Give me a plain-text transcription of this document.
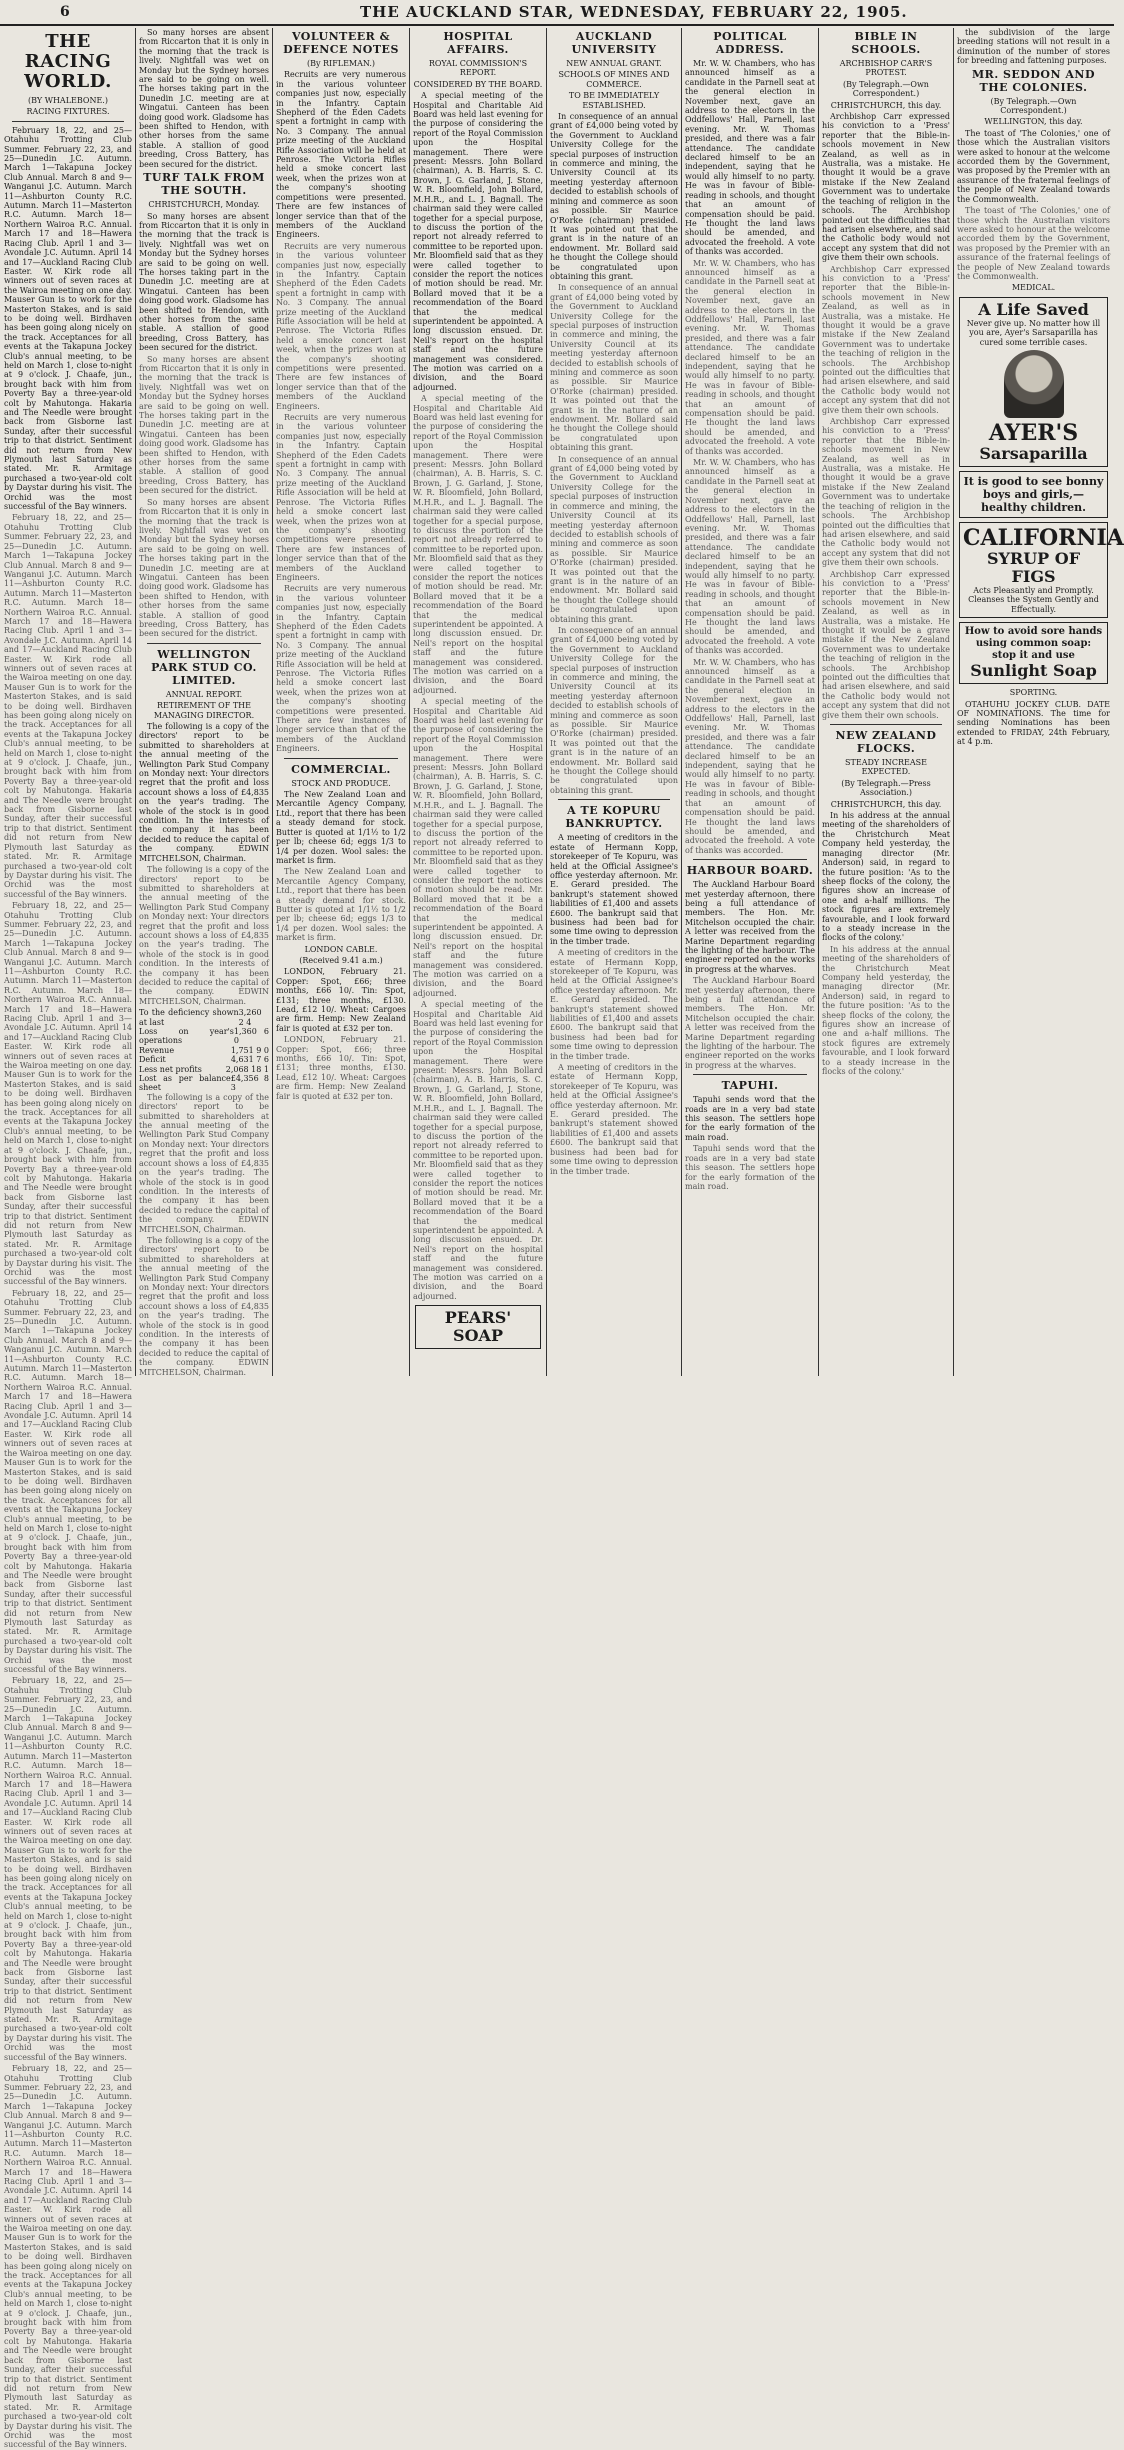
6	THE AUCKLAND STAR, WEDNESDAY, FEBRUARY 22, 1905.
THE RACING WORLD.
(BY WHALEBONE.)
RACING FIXTURES.

February 18, 22, and 25—Otahuhu Trotting Club Summer. February 22, 23, and 25—Dunedin J.C. Autumn. March 1—Takapuna Jockey Club Annual. March 8 and 9—Wanganui J.C. Autumn. March 11—Ashburton County R.C. Autumn. March 11—Masterton R.C. Autumn. March 18—Northern Wairoa R.C. Annual. March 17 and 18—Hawera Racing Club. April 1 and 3—Avondale J.C. Autumn. April 14 and 17—Auckland Racing Club Easter. W. Kirk rode all winners out of seven races at the Wairoa meeting on one day. Mauser Gun is to work for the Masterton Stakes, and is said to be doing well. Birdhaven has been going along nicely on the track. Acceptances for all events at the Takapuna Jockey Club's annual meeting, to be held on March 1, close to-night at 9 o'clock. J. Chaafe, jun., brought back with him from Poverty Bay a three-year-old colt by Mahutonga. Hakaria and The Needle were brought back from Gisborne last Sunday, after their successful trip to that district. Sentiment did not return from New Plymouth last Saturday as stated. Mr. R. Armitage purchased a two-year-old colt by Daystar during his visit. The Orchid was the most successful of the Bay winners.

February 18, 22, and 25—Otahuhu Trotting Club Summer. February 22, 23, and 25—Dunedin J.C. Autumn. March 1—Takapuna Jockey Club Annual. March 8 and 9—Wanganui J.C. Autumn. March 11—Ashburton County R.C. Autumn. March 11—Masterton R.C. Autumn. March 18—Northern Wairoa R.C. Annual. March 17 and 18—Hawera Racing Club. April 1 and 3—Avondale J.C. Autumn. April 14 and 17—Auckland Racing Club Easter. W. Kirk rode all winners out of seven races at the Wairoa meeting on one day. Mauser Gun is to work for the Masterton Stakes, and is said to be doing well. Birdhaven has been going along nicely on the track. Acceptances for all events at the Takapuna Jockey Club's annual meeting, to be held on March 1, close to-night at 9 o'clock. J. Chaafe, jun., brought back with him from Poverty Bay a three-year-old colt by Mahutonga. Hakaria and The Needle were brought back from Gisborne last Sunday, after their successful trip to that district. Sentiment did not return from New Plymouth last Saturday as stated. Mr. R. Armitage purchased a two-year-old colt by Daystar during his visit. The Orchid was the most successful of the Bay winners.

February 18, 22, and 25—Otahuhu Trotting Club Summer. February 22, 23, and 25—Dunedin J.C. Autumn. March 1—Takapuna Jockey Club Annual. March 8 and 9—Wanganui J.C. Autumn. March 11—Ashburton County R.C. Autumn. March 11—Masterton R.C. Autumn. March 18—Northern Wairoa R.C. Annual. March 17 and 18—Hawera Racing Club. April 1 and 3—Avondale J.C. Autumn. April 14 and 17—Auckland Racing Club Easter. W. Kirk rode all winners out of seven races at the Wairoa meeting on one day. Mauser Gun is to work for the Masterton Stakes, and is said to be doing well. Birdhaven has been going along nicely on the track. Acceptances for all events at the Takapuna Jockey Club's annual meeting, to be held on March 1, close to-night at 9 o'clock. J. Chaafe, jun., brought back with him from Poverty Bay a three-year-old colt by Mahutonga. Hakaria and The Needle were brought back from Gisborne last Sunday, after their successful trip to that district. Sentiment did not return from New Plymouth last Saturday as stated. Mr. R. Armitage purchased a two-year-old colt by Daystar during his visit. The Orchid was the most successful of the Bay winners.

February 18, 22, and 25—Otahuhu Trotting Club Summer. February 22, 23, and 25—Dunedin J.C. Autumn. March 1—Takapuna Jockey Club Annual. March 8 and 9—Wanganui J.C. Autumn. March 11—Ashburton County R.C. Autumn. March 11—Masterton R.C. Autumn. March 18—Northern Wairoa R.C. Annual. March 17 and 18—Hawera Racing Club. April 1 and 3—Avondale J.C. Autumn. April 14 and 17—Auckland Racing Club Easter. W. Kirk rode all winners out of seven races at the Wairoa meeting on one day. Mauser Gun is to work for the Masterton Stakes, and is said to be doing well. Birdhaven has been going along nicely on the track. Acceptances for all events at the Takapuna Jockey Club's annual meeting, to be held on March 1, close to-night at 9 o'clock. J. Chaafe, jun., brought back with him from Poverty Bay a three-year-old colt by Mahutonga. Hakaria and The Needle were brought back from Gisborne last Sunday, after their successful trip to that district. Sentiment did not return from New Plymouth last Saturday as stated. Mr. R. Armitage purchased a two-year-old colt by Daystar during his visit. The Orchid was the most successful of the Bay winners.

February 18, 22, and 25—Otahuhu Trotting Club Summer. February 22, 23, and 25—Dunedin J.C. Autumn. March 1—Takapuna Jockey Club Annual. March 8 and 9—Wanganui J.C. Autumn. March 11—Ashburton County R.C. Autumn. March 11—Masterton R.C. Autumn. March 18—Northern Wairoa R.C. Annual. March 17 and 18—Hawera Racing Club. April 1 and 3—Avondale J.C. Autumn. April 14 and 17—Auckland Racing Club Easter. W. Kirk rode all winners out of seven races at the Wairoa meeting on one day. Mauser Gun is to work for the Masterton Stakes, and is said to be doing well. Birdhaven has been going along nicely on the track. Acceptances for all events at the Takapuna Jockey Club's annual meeting, to be held on March 1, close to-night at 9 o'clock. J. Chaafe, jun., brought back with him from Poverty Bay a three-year-old colt by Mahutonga. Hakaria and The Needle were brought back from Gisborne last Sunday, after their successful trip to that district. Sentiment did not return from New Plymouth last Saturday as stated. Mr. R. Armitage purchased a two-year-old colt by Daystar during his visit. The Orchid was the most successful of the Bay winners.

February 18, 22, and 25—Otahuhu Trotting Club Summer. February 22, 23, and 25—Dunedin J.C. Autumn. March 1—Takapuna Jockey Club Annual. March 8 and 9—Wanganui J.C. Autumn. March 11—Ashburton County R.C. Autumn. March 11—Masterton R.C. Autumn. March 18—Northern Wairoa R.C. Annual. March 17 and 18—Hawera Racing Club. April 1 and 3—Avondale J.C. Autumn. April 14 and 17—Auckland Racing Club Easter. W. Kirk rode all winners out of seven races at the Wairoa meeting on one day. Mauser Gun is to work for the Masterton Stakes, and is said to be doing well. Birdhaven has been going along nicely on the track. Acceptances for all events at the Takapuna Jockey Club's annual meeting, to be held on March 1, close to-night at 9 o'clock. J. Chaafe, jun., brought back with him from Poverty Bay a three-year-old colt by Mahutonga. Hakaria and The Needle were brought back from Gisborne last Sunday, after their successful trip to that district. Sentiment did not return from New Plymouth last Saturday as stated. Mr. R. Armitage purchased a two-year-old colt by Daystar during his visit. The Orchid was the most successful of the Bay winners.

So many horses are absent from Riccarton that it is only in the morning that the track is lively. Nightfall was wet on Monday but the Sydney horses are said to be going on well. The horses taking part in the Dunedin J.C. meeting are at Wingatui. Canteen has been doing good work. Gladsome has been shifted to Hendon, with other horses from the same stable. A stallion of good breeding, Cross Battery, has been secured for the district.

TURF TALK FROM THE SOUTH.
CHRISTCHURCH, Monday.

So many horses are absent from Riccarton that it is only in the morning that the track is lively. Nightfall was wet on Monday but the Sydney horses are said to be going on well. The horses taking part in the Dunedin J.C. meeting are at Wingatui. Canteen has been doing good work. Gladsome has been shifted to Hendon, with other horses from the same stable. A stallion of good breeding, Cross Battery, has been secured for the district.

So many horses are absent from Riccarton that it is only in the morning that the track is lively. Nightfall was wet on Monday but the Sydney horses are said to be going on well. The horses taking part in the Dunedin J.C. meeting are at Wingatui. Canteen has been doing good work. Gladsome has been shifted to Hendon, with other horses from the same stable. A stallion of good breeding, Cross Battery, has been secured for the district.

So many horses are absent from Riccarton that it is only in the morning that the track is lively. Nightfall was wet on Monday but the Sydney horses are said to be going on well. The horses taking part in the Dunedin J.C. meeting are at Wingatui. Canteen has been doing good work. Gladsome has been shifted to Hendon, with other horses from the same stable. A stallion of good breeding, Cross Battery, has been secured for the district.

WELLINGTON PARK STUD CO. LIMITED.
ANNUAL REPORT.
RETIREMENT OF THE MANAGING DIRECTOR.

The following is a copy of the directors' report to be submitted to shareholders at the annual meeting of the Wellington Park Stud Company on Monday next: Your directors regret that the profit and loss account shows a loss of £4,835 on the year's trading. The whole of the stock is in good condition. In the interests of the company it has been decided to reduce the capital of the company. EDWIN MITCHELSON, Chairman.

The following is a copy of the directors' report to be submitted to shareholders at the annual meeting of the Wellington Park Stud Company on Monday next: Your directors regret that the profit and loss account shows a loss of £4,835 on the year's trading. The whole of the stock is in good condition. In the interests of the company it has been decided to reduce the capital of the company. EDWIN MITCHELSON, Chairman.

To the deficiency shown at last
3,260 2 4
Loss on year's operations
1,360 6 0
Revenue	1,751 9 0
Deficit	4,631 7 6
Less net profits	2,068 18 1
Lost as per balance sheet
£4,356 8 3

The following is a copy of the directors' report to be submitted to shareholders at the annual meeting of the Wellington Park Stud Company on Monday next: Your directors regret that the profit and loss account shows a loss of £4,835 on the year's trading. The whole of the stock is in good condition. In the interests of the company it has been decided to reduce the capital of the company. EDWIN MITCHELSON, Chairman.

The following is a copy of the directors' report to be submitted to shareholders at the annual meeting of the Wellington Park Stud Company on Monday next: Your directors regret that the profit and loss account shows a loss of £4,835 on the year's trading. The whole of the stock is in good condition. In the interests of the company it has been decided to reduce the capital of the company. EDWIN MITCHELSON, Chairman.

VOLUNTEER & DEFENCE NOTES
(By RIFLEMAN.)

Recruits are very numerous in the various volunteer companies just now, especially in the Infantry. Captain Shepherd of the Eden Cadets spent a fortnight in camp with No. 3 Company. The annual prize meeting of the Auckland Rifle Association will be held at Penrose. The Victoria Rifles held a smoke concert last week, when the prizes won at the company's shooting competitions were presented. There are few instances of longer service than that of the members of the Auckland Engineers.

Recruits are very numerous in the various volunteer companies just now, especially in the Infantry. Captain Shepherd of the Eden Cadets spent a fortnight in camp with No. 3 Company. The annual prize meeting of the Auckland Rifle Association will be held at Penrose. The Victoria Rifles held a smoke concert last week, when the prizes won at the company's shooting competitions were presented. There are few instances of longer service than that of the members of the Auckland Engineers.

Recruits are very numerous in the various volunteer companies just now, especially in the Infantry. Captain Shepherd of the Eden Cadets spent a fortnight in camp with No. 3 Company. The annual prize meeting of the Auckland Rifle Association will be held at Penrose. The Victoria Rifles held a smoke concert last week, when the prizes won at the company's shooting competitions were presented. There are few instances of longer service than that of the members of the Auckland Engineers.

Recruits are very numerous in the various volunteer companies just now, especially in the Infantry. Captain Shepherd of the Eden Cadets spent a fortnight in camp with No. 3 Company. The annual prize meeting of the Auckland Rifle Association will be held at Penrose. The Victoria Rifles held a smoke concert last week, when the prizes won at the company's shooting competitions were presented. There are few instances of longer service than that of the members of the Auckland Engineers.

COMMERCIAL.
STOCK AND PRODUCE.

The New Zealand Loan and Mercantile Agency Company, Ltd., report that there has been a steady demand for stock. Butter is quoted at 1/1½ to 1/2 per lb; cheese 6d; eggs 1/3 to 1/4 per dozen. Wool sales: the market is firm.

The New Zealand Loan and Mercantile Agency Company, Ltd., report that there has been a steady demand for stock. Butter is quoted at 1/1½ to 1/2 per lb; cheese 6d; eggs 1/3 to 1/4 per dozen. Wool sales: the market is firm.

LONDON CABLE.
(Received 9.41 a.m.)

LONDON, February 21. Copper: Spot, £66; three months, £66 10/. Tin: Spot, £131; three months, £130. Lead, £12 10/. Wheat: Cargoes are firm. Hemp: New Zealand fair is quoted at £32 per ton.

LONDON, February 21. Copper: Spot, £66; three months, £66 10/. Tin: Spot, £131; three months, £130. Lead, £12 10/. Wheat: Cargoes are firm. Hemp: New Zealand fair is quoted at £32 per ton.

HOSPITAL AFFAIRS.
ROYAL COMMISSION'S REPORT.
CONSIDERED BY THE BOARD.

A special meeting of the Hospital and Charitable Aid Board was held last evening for the purpose of considering the report of the Royal Commission upon the Hospital management. There were present: Messrs. John Bollard (chairman), A. B. Harris, S. C. Brown, J. G. Garland, J. Stone, W. R. Bloomfield, John Bollard, M.H.R., and L. J. Bagnall. The chairman said they were called together for a special purpose, to discuss the portion of the report not already referred to committee to be reported upon. Mr. Bloomfield said that as they were called together to consider the report the notices of motion should be read. Mr. Bollard moved that it be a recommendation of the Board that the medical superintendent be appointed. A long discussion ensued. Dr. Neil's report on the hospital staff and the future management was considered. The motion was carried on a division, and the Board adjourned.

A special meeting of the Hospital and Charitable Aid Board was held last evening for the purpose of considering the report of the Royal Commission upon the Hospital management. There were present: Messrs. John Bollard (chairman), A. B. Harris, S. C. Brown, J. G. Garland, J. Stone, W. R. Bloomfield, John Bollard, M.H.R., and L. J. Bagnall. The chairman said they were called together for a special purpose, to discuss the portion of the report not already referred to committee to be reported upon. Mr. Bloomfield said that as they were called together to consider the report the notices of motion should be read. Mr. Bollard moved that it be a recommendation of the Board that the medical superintendent be appointed. A long discussion ensued. Dr. Neil's report on the hospital staff and the future management was considered. The motion was carried on a division, and the Board adjourned.

A special meeting of the Hospital and Charitable Aid Board was held last evening for the purpose of considering the report of the Royal Commission upon the Hospital management. There were present: Messrs. John Bollard (chairman), A. B. Harris, S. C. Brown, J. G. Garland, J. Stone, W. R. Bloomfield, John Bollard, M.H.R., and L. J. Bagnall. The chairman said they were called together for a special purpose, to discuss the portion of the report not already referred to committee to be reported upon. Mr. Bloomfield said that as they were called together to consider the report the notices of motion should be read. Mr. Bollard moved that it be a recommendation of the Board that the medical superintendent be appointed. A long discussion ensued. Dr. Neil's report on the hospital staff and the future management was considered. The motion was carried on a division, and the Board adjourned.

A special meeting of the Hospital and Charitable Aid Board was held last evening for the purpose of considering the report of the Royal Commission upon the Hospital management. There were present: Messrs. John Bollard (chairman), A. B. Harris, S. C. Brown, J. G. Garland, J. Stone, W. R. Bloomfield, John Bollard, M.H.R., and L. J. Bagnall. The chairman said they were called together for a special purpose, to discuss the portion of the report not already referred to committee to be reported upon. Mr. Bloomfield said that as they were called together to consider the report the notices of motion should be read. Mr. Bollard moved that it be a recommendation of the Board that the medical superintendent be appointed. A long discussion ensued. Dr. Neil's report on the hospital staff and the future management was considered. The motion was carried on a division, and the Board adjourned.

PEARS' SOAP
AUCKLAND UNIVERSITY
NEW ANNUAL GRANT.
SCHOOLS OF MINES AND COMMERCE.
TO BE IMMEDIATELY ESTABLISHED.

In consequence of an annual grant of £4,000 being voted by the Government to Auckland University College for the special purposes of instruction in commerce and mining, the University Council at its meeting yesterday afternoon decided to establish schools of mining and commerce as soon as possible. Sir Maurice O'Rorke (chairman) presided. It was pointed out that the grant is in the nature of an endowment. Mr. Bollard said he thought the College should be congratulated upon obtaining this grant.

In consequence of an annual grant of £4,000 being voted by the Government to Auckland University College for the special purposes of instruction in commerce and mining, the University Council at its meeting yesterday afternoon decided to establish schools of mining and commerce as soon as possible. Sir Maurice O'Rorke (chairman) presided. It was pointed out that the grant is in the nature of an endowment. Mr. Bollard said he thought the College should be congratulated upon obtaining this grant.

In consequence of an annual grant of £4,000 being voted by the Government to Auckland University College for the special purposes of instruction in commerce and mining, the University Council at its meeting yesterday afternoon decided to establish schools of mining and commerce as soon as possible. Sir Maurice O'Rorke (chairman) presided. It was pointed out that the grant is in the nature of an endowment. Mr. Bollard said he thought the College should be congratulated upon obtaining this grant.

In consequence of an annual grant of £4,000 being voted by the Government to Auckland University College for the special purposes of instruction in commerce and mining, the University Council at its meeting yesterday afternoon decided to establish schools of mining and commerce as soon as possible. Sir Maurice O'Rorke (chairman) presided. It was pointed out that the grant is in the nature of an endowment. Mr. Bollard said he thought the College should be congratulated upon obtaining this grant.

A TE KOPURU BANKRUPTCY.

A meeting of creditors in the estate of Hermann Kopp, storekeeper of Te Kopuru, was held at the Official Assignee's office yesterday afternoon. Mr. E. Gerard presided. The bankrupt's statement showed liabilities of £1,400 and assets £600. The bankrupt said that business had been bad for some time owing to depression in the timber trade.

A meeting of creditors in the estate of Hermann Kopp, storekeeper of Te Kopuru, was held at the Official Assignee's office yesterday afternoon. Mr. E. Gerard presided. The bankrupt's statement showed liabilities of £1,400 and assets £600. The bankrupt said that business had been bad for some time owing to depression in the timber trade.

A meeting of creditors in the estate of Hermann Kopp, storekeeper of Te Kopuru, was held at the Official Assignee's office yesterday afternoon. Mr. E. Gerard presided. The bankrupt's statement showed liabilities of £1,400 and assets £600. The bankrupt said that business had been bad for some time owing to depression in the timber trade.

POLITICAL ADDRESS.

Mr. W. W. Chambers, who has announced himself as a candidate in the Parnell seat at the general election in November next, gave an address to the electors in the Oddfellows' Hall, Parnell, last evening. Mr. W. Thomas presided, and there was a fair attendance. The candidate declared himself to be an independent, saying that he would ally himself to no party. He was in favour of Bible-reading in schools, and thought that an amount of compensation should be paid. He thought the land laws should be amended, and advocated the freehold. A vote of thanks was accorded.

Mr. W. W. Chambers, who has announced himself as a candidate in the Parnell seat at the general election in November next, gave an address to the electors in the Oddfellows' Hall, Parnell, last evening. Mr. W. Thomas presided, and there was a fair attendance. The candidate declared himself to be an independent, saying that he would ally himself to no party. He was in favour of Bible-reading in schools, and thought that an amount of compensation should be paid. He thought the land laws should be amended, and advocated the freehold. A vote of thanks was accorded.

Mr. W. W. Chambers, who has announced himself as a candidate in the Parnell seat at the general election in November next, gave an address to the electors in the Oddfellows' Hall, Parnell, last evening. Mr. W. Thomas presided, and there was a fair attendance. The candidate declared himself to be an independent, saying that he would ally himself to no party. He was in favour of Bible-reading in schools, and thought that an amount of compensation should be paid. He thought the land laws should be amended, and advocated the freehold. A vote of thanks was accorded.

Mr. W. W. Chambers, who has announced himself as a candidate in the Parnell seat at the general election in November next, gave an address to the electors in the Oddfellows' Hall, Parnell, last evening. Mr. W. Thomas presided, and there was a fair attendance. The candidate declared himself to be an independent, saying that he would ally himself to no party. He was in favour of Bible-reading in schools, and thought that an amount of compensation should be paid. He thought the land laws should be amended, and advocated the freehold. A vote of thanks was accorded.

HARBOUR BOARD.

The Auckland Harbour Board met yesterday afternoon, there being a full attendance of members. The Hon. Mr. Mitchelson occupied the chair. A letter was received from the Marine Department regarding the lighting of the harbour. The engineer reported on the works in progress at the wharves.

The Auckland Harbour Board met yesterday afternoon, there being a full attendance of members. The Hon. Mr. Mitchelson occupied the chair. A letter was received from the Marine Department regarding the lighting of the harbour. The engineer reported on the works in progress at the wharves.

TAPUHI.

Tapuhi sends word that the roads are in a very bad state this season. The settlers hope for the early formation of the main road.

Tapuhi sends word that the roads are in a very bad state this season. The settlers hope for the early formation of the main road.

BIBLE IN SCHOOLS.
ARCHBISHOP CARR'S PROTEST.
(By Telegraph.—Own Correspondent.)
CHRISTCHURCH, this day.

Archbishop Carr expressed his conviction to a 'Press' reporter that the Bible-in-schools movement in New Zealand, as well as in Australia, was a mistake. He thought it would be a grave mistake if the New Zealand Government was to undertake the teaching of religion in the schools. The Archbishop pointed out the difficulties that had arisen elsewhere, and said the Catholic body would not accept any system that did not give them their own schools.

Archbishop Carr expressed his conviction to a 'Press' reporter that the Bible-in-schools movement in New Zealand, as well as in Australia, was a mistake. He thought it would be a grave mistake if the New Zealand Government was to undertake the teaching of religion in the schools. The Archbishop pointed out the difficulties that had arisen elsewhere, and said the Catholic body would not accept any system that did not give them their own schools.

Archbishop Carr expressed his conviction to a 'Press' reporter that the Bible-in-schools movement in New Zealand, as well as in Australia, was a mistake. He thought it would be a grave mistake if the New Zealand Government was to undertake the teaching of religion in the schools. The Archbishop pointed out the difficulties that had arisen elsewhere, and said the Catholic body would not accept any system that did not give them their own schools.

Archbishop Carr expressed his conviction to a 'Press' reporter that the Bible-in-schools movement in New Zealand, as well as in Australia, was a mistake. He thought it would be a grave mistake if the New Zealand Government was to undertake the teaching of religion in the schools. The Archbishop pointed out the difficulties that had arisen elsewhere, and said the Catholic body would not accept any system that did not give them their own schools.

NEW ZEALAND FLOCKS.
STEADY INCREASE EXPECTED.
(By Telegraph.—Press Association.)
CHRISTCHURCH, this day.

In his address at the annual meeting of the shareholders of the Christchurch Meat Company held yesterday, the managing director (Mr. Anderson) said, in regard to the future position: 'As to the sheep flocks of the colony, the figures show an increase of one and a-half millions. The stock figures are extremely favourable, and I look forward to a steady increase in the flocks of the colony.'

In his address at the annual meeting of the shareholders of the Christchurch Meat Company held yesterday, the managing director (Mr. Anderson) said, in regard to the future position: 'As to the sheep flocks of the colony, the figures show an increase of one and a-half millions. The stock figures are extremely favourable, and I look forward to a steady increase in the flocks of the colony.'

the subdivision of the large breeding stations will not result in a diminution of the number of stores for breeding and fattening purposes.

MR. SEDDON AND THE COLONIES.
(By Telegraph.—Own Correspondent.)
WELLINGTON, this day.

The toast of 'The Colonies,' one of those which the Australian visitors were asked to honour at the welcome accorded them by the Government, was proposed by the Premier with an assurance of the fraternal feelings of the people of New Zealand towards the Commonwealth.

The toast of 'The Colonies,' one of those which the Australian visitors were asked to honour at the welcome accorded them by the Government, was proposed by the Premier with an assurance of the fraternal feelings of the people of New Zealand towards the Commonwealth.

MEDICAL.
A Life Saved
Never give up. No matter how ill you are, Ayer's Sarsaparilla has cured some terrible cases.
AYER'S
Sarsaparilla
It is good to see bonny boys and girls,—healthy children.
CALIFORNIA
SYRUP OF FIGS
Acts Pleasantly and Promptly. Cleanses the System Gently and Effectually.
How to avoid sore hands using common soap: stop it and use
Sunlight Soap
SPORTING.

OTAHUHU JOCKEY CLUB. DATE OF NOMINATIONS. The time for sending Nominations has been extended to FRIDAY, 24th February, at 4 p.m.
